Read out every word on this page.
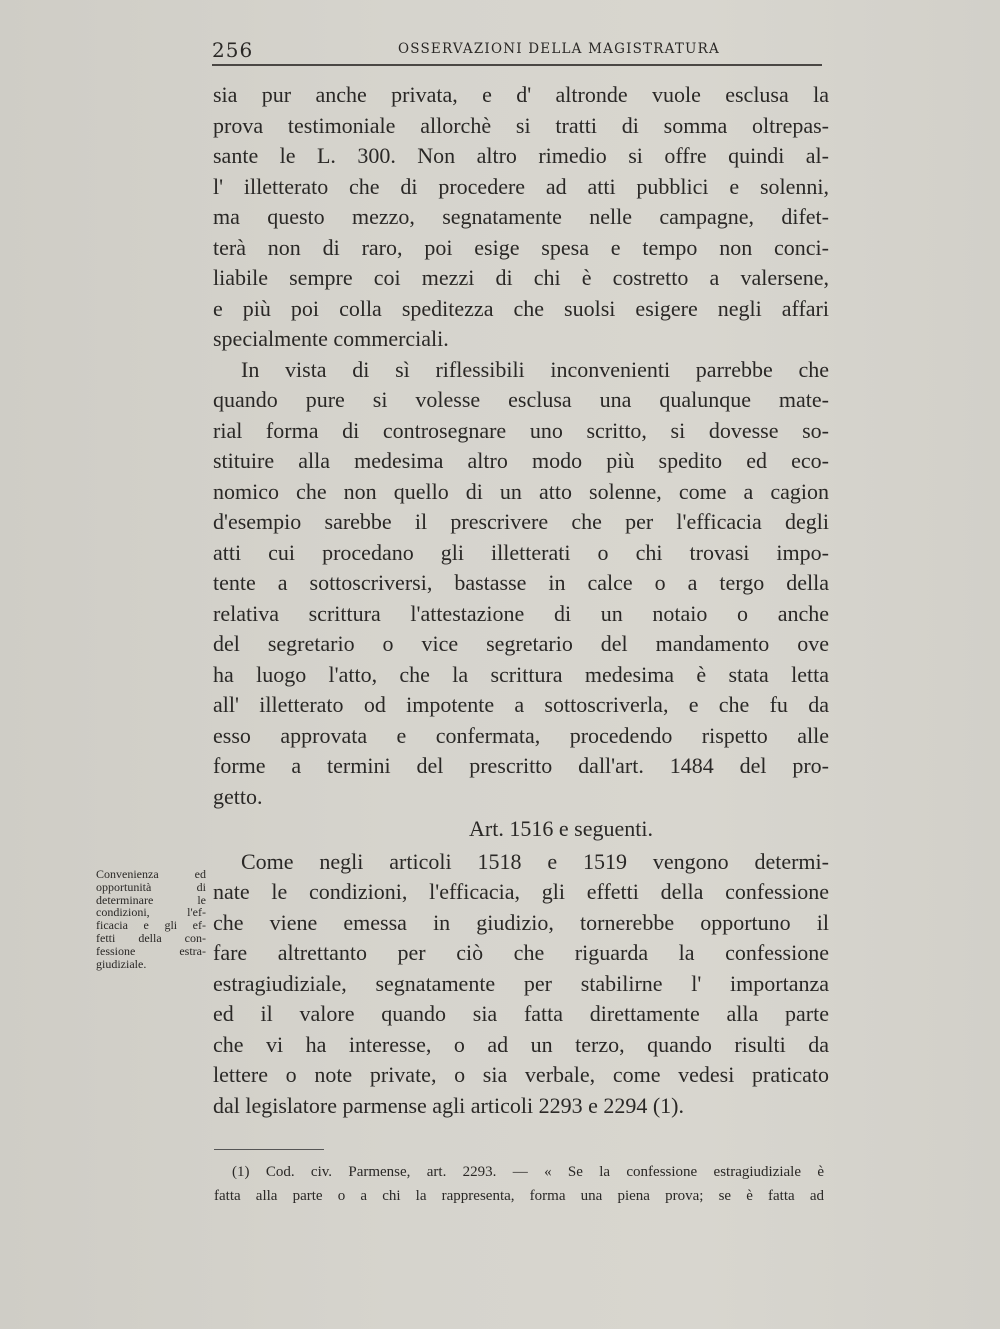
256	OSSERVAZIONI DELLA MAGISTRATURA
sia pur anche privata, e d' altronde vuole esclusa la
prova testimoniale allorchè si tratti di somma oltrepas-
sante le L. 300. Non altro rimedio si offre quindi al-
l' illetterato che di procedere ad atti pubblici e solenni,
ma questo mezzo, segnatamente nelle campagne, difet-
terà non di raro, poi esige spesa e tempo non conci-
liabile sempre coi mezzi di chi è costretto a valersene,
e più poi colla speditezza che suolsi esigere negli affari
specialmente commerciali.
In vista di sì riflessibili inconvenienti parrebbe che
quando pure si volesse esclusa una qualunque mate-
rial forma di controsegnare uno scritto, si dovesse so-
stituire alla medesima altro modo più spedito ed eco-
nomico che non quello di un atto solenne, come a cagion
d'esempio sarebbe il prescrivere che per l'efficacia degli
atti cui procedano gli illetterati o chi trovasi impo-
tente a sottoscriversi, bastasse in calce o a tergo della
relativa scrittura l'attestazione di un notaio o anche
del segretario o vice segretario del mandamento ove
ha luogo l'atto, che la scrittura medesima è stata letta
all' illetterato od impotente a sottoscriverla, e che fu da
esso approvata e confermata, procedendo rispetto alle
forme a termini del prescritto dall'art. 1484 del pro-
getto.
Art. 1516 e seguenti.
Come negli articoli 1518 e 1519 vengono determi-
nate le condizioni, l'efficacia, gli effetti della confessione
che viene emessa in giudizio, tornerebbe opportuno il
fare altrettanto per ciò che riguarda la confessione
estragiudiziale, segnatamente per stabilirne l' importanza
ed il valore quando sia fatta direttamente alla parte
che vi ha interesse, o ad un terzo, quando risulti da
lettere o note private, o sia verbale, come vedesi praticato
dal legislatore parmense agli articoli 2293 e 2294 (1).
Convenienza ed
opportunità di
determinare le
condizioni, l'ef-
ficacia e gli ef-
fetti della con-
fessione estra-
giudiziale.
(1) Cod. civ. Parmense, art. 2293. — « Se la confessione estragiudiziale è
fatta alla parte o a chi la rappresenta, forma una piena prova; se è fatta ad
